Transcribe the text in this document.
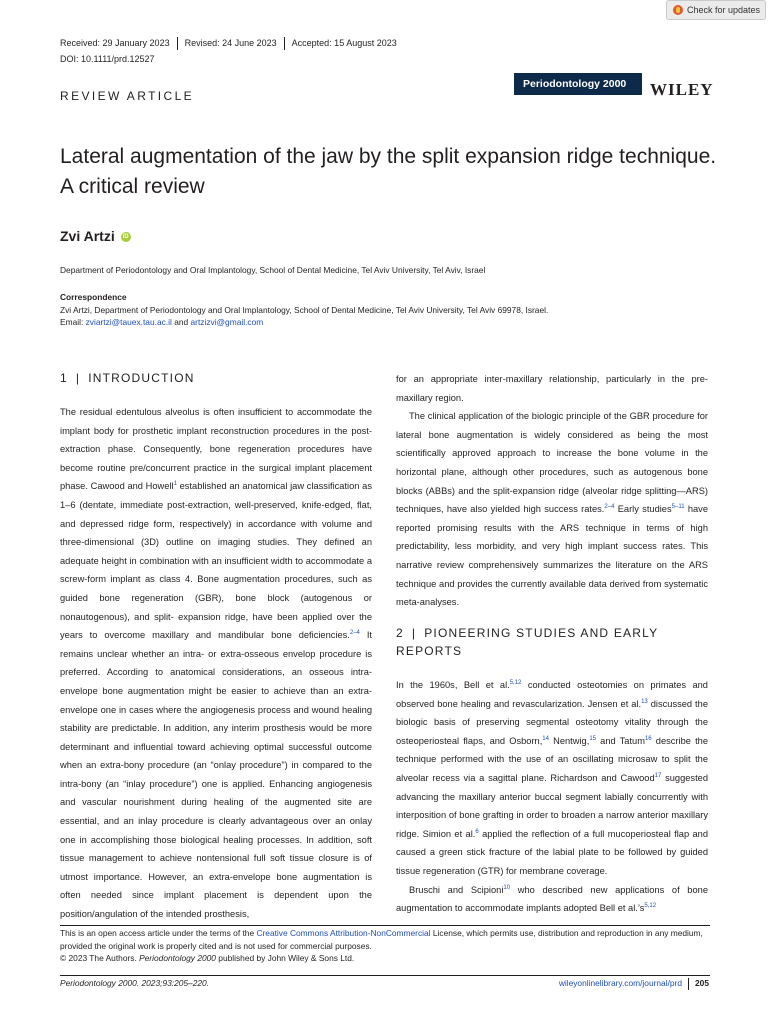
Check for updates
Received: 29 January 2023 Revised: 24 June 2023 Accepted: 15 August 2023
DOI: 10.1111/prd.12527
REVIEW ARTICLE
Periodontology 2000	WILEY
Lateral augmentation of the jaw by the split expansion ridge technique. A critical review
Zvi Artzi iD
Department of Periodontology and Oral Implantology, School of Dental Medicine, Tel Aviv University, Tel Aviv, Israel
Correspondence
Zvi Artzi, Department of Periodontology and Oral Implantology, School of Dental Medicine, Tel Aviv University, Tel Aviv 69978, Israel.
Email: zviartzi@tauex.tau.ac.il and artzizvi@gmail.com
1 | INTRODUCTION

The residual edentulous alveolus is often insufficient to accommodate the implant body for prosthetic implant reconstruction procedures in the post-extraction phase. Consequently, bone regeneration procedures have become routine pre/concurrent practice in the surgical implant placement phase. Cawood and Howell$^1$ established an anatomical jaw classification as 1–6 (dentate, immediate post-extraction, well-preserved, knife-edged, flat, and depressed ridge form, respectively) in accordance with volume and three-dimensional (3D) outline on imaging studies. They defined an adequate height in combination with an insufficient width to accommodate a screw-form implant as class 4. Bone augmentation procedures, such as guided bone regeneration (GBR), bone block (autogenous or nonautogenous), and split- expansion ridge, have been applied over the years to overcome maxillary and mandibular bone deficiencies.$^{2-4}$ It remains unclear whether an intra- or extra-osseous envelop procedure is preferred. According to anatomical considerations, an osseous intra-envelope bone augmentation might be easier to achieve than an extra-envelope one in cases where the angiogenesis process and wound healing stability are predictable. In addition, any interim prosthesis would be more determinant and influential toward achieving optimal successful outcome when an extra-bony procedure (an “onlay procedure”) in compared to the intra-bony (an “inlay procedure”) one is applied. Enhancing angiogenesis and vascular nourishment during healing of the augmented site are essential, and an inlay procedure is clearly advantageous over an onlay one in accomplishing those biological healing processes. In addition, soft tissue management to achieve nontensional full soft tissue closure is of utmost importance. However, an extra-envelope bone augmentation is often needed since implant placement is dependent upon the position/angulation of the intended prosthesis,

for an appropriate inter-maxillary relationship, particularly in the pre-maxillary region.

The clinical application of the biologic principle of the GBR procedure for lateral bone augmentation is widely considered as being the most scientifically approved approach to increase the bone volume in the horizontal plane, although other procedures, such as autogenous bone blocks (ABBs) and the split-expansion ridge (alveolar ridge splitting—ARS) techniques, have also yielded high success rates.$^{2-4}$ Early studies$^{5-11}$ have reported promising results with the ARS technique in terms of high predictability, less morbidity, and very high implant success rates. This narrative review comprehensively summarizes the literature on the ARS technique and provides the currently available data derived from systematic meta-analyses.

2 | PIONEERING STUDIES AND EARLY REPORTS

In the 1960s, Bell et al.$^{5,12}$ conducted osteotomies on primates and observed bone healing and revascularization. Jensen et al.$^{13}$ discussed the biologic basis of preserving segmental osteotomy vitality through the osteoperiosteal flaps, and Osborn,$^{14}$ Nentwig,$^{15}$ and Tatum$^{16}$ describe the technique performed with the use of an oscillating microsaw to split the alveolar recess via a sagittal plane. Richardson and Cawood$^{17}$ suggested advancing the maxillary anterior buccal segment labially concurrently with interposition of bone grafting in order to broaden a narrow anterior maxillary ridge. Simion et al.$^6$ applied the reflection of a full mucoperiosteal flap and caused a green stick fracture of the labial plate to be followed by guided tissue regeneration (GTR) for membrane coverage.

Bruschi and Scipioni$^{10}$ who described new applications of bone augmentation to accommodate implants adopted Bell et $al.’s^{5,12}$

This is an open access article under the terms of the Creative Commons Attribution-NonCommercial License, which permits use, distribution and reproduction in any medium, provided the original work is properly cited and is not used for commercial purposes.
© 2023 The Authors. Periodontology 2000 published by John Wiley & Sons Ltd.
Periodontology 2000. 2023;93:205–220.	wileyonlinelibrary.com/journal/prd 205
